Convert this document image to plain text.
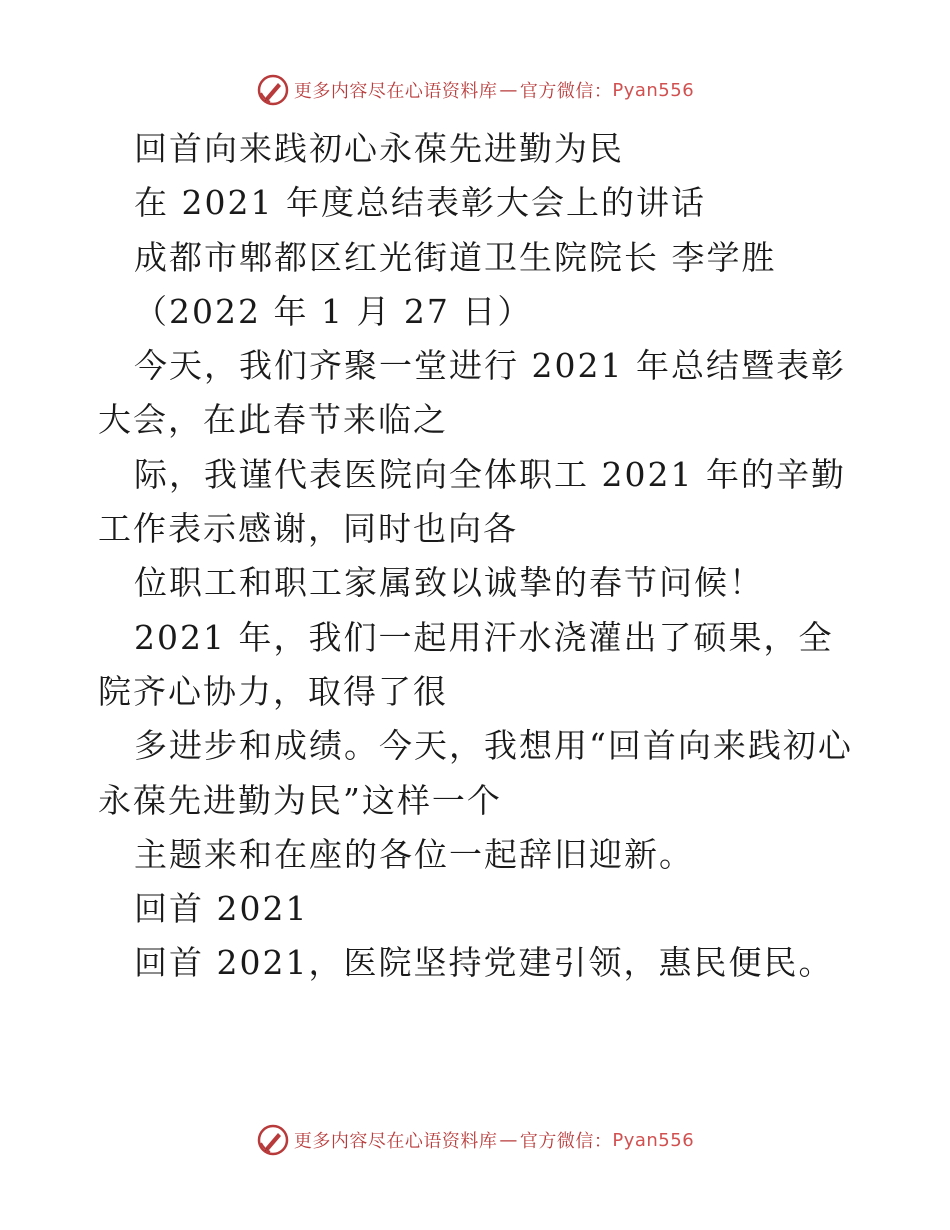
更多内容尽在心语资料库 — 官方微信： Pyan556

回首向来践初心永葆先进勤为民

在 2021 年度总结表彰大会上的讲话

成都市郫都区红光街道卫生院院长 李学胜

（2022 年 1 月 27 日）

今天，我们齐聚一堂进行 2021 年总结暨表彰大会，在此春节来临之

际，我谨代表医院向全体职工 2021 年的辛勤工作表示感谢，同时也向各

位职工和职工家属致以诚挚的春节问候！

2021 年，我们一起用汗水浇灌出了硕果，全院齐心协力，取得了很

多进步和成绩。今天，我想用“回首向来践初心永葆先进勤为民”这样一个

主题来和在座的各位一起辞旧迎新。

回首 2021

回首 2021，医院坚持党建引领，惠民便民。

更多内容尽在心语资料库 — 官方微信： Pyan556
